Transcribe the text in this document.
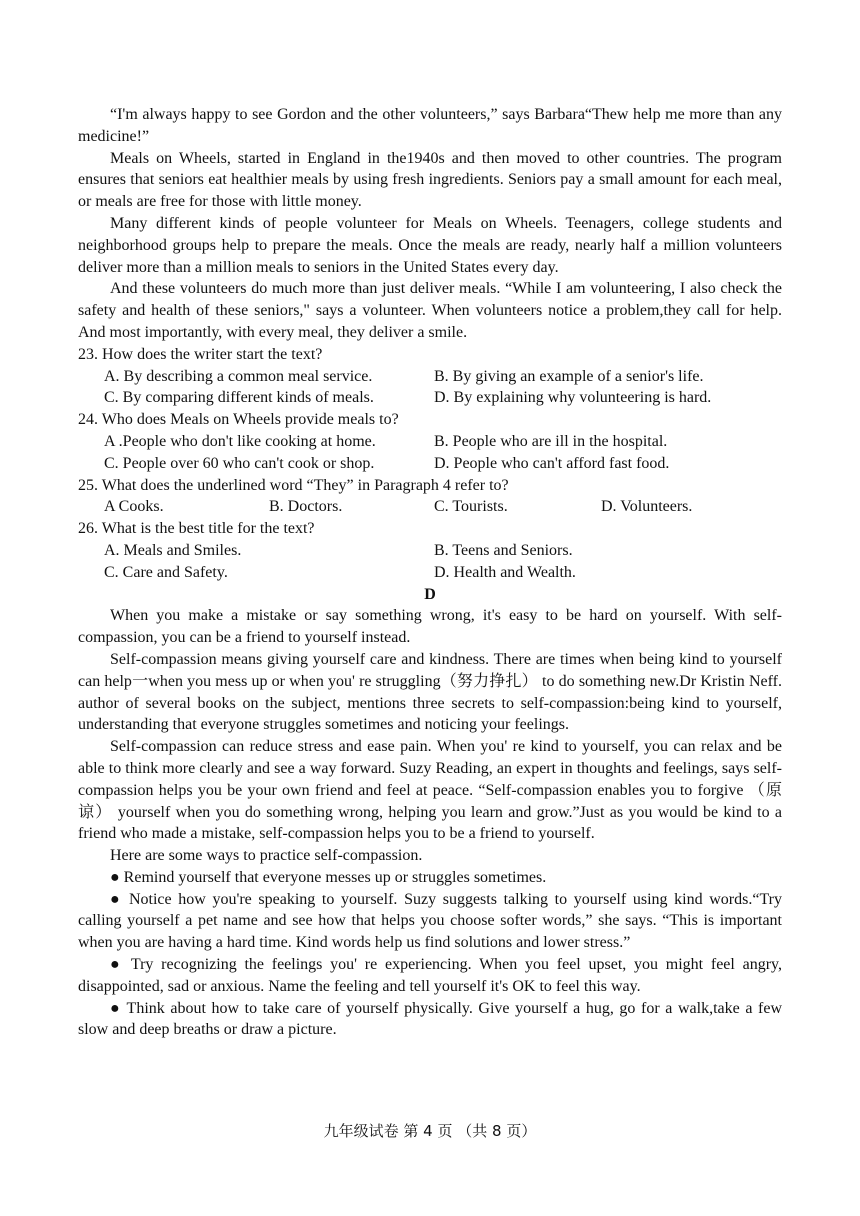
“I'm always happy to see Gordon and the other volunteers,” says Barbara“Thew help me more than any medicine!”

Meals on Wheels, started in England in the1940s and then moved to other countries. The program ensures that seniors eat healthier meals by using fresh ingredients. Seniors pay a small amount for each meal, or meals are free for those with little money.

Many different kinds of people volunteer for Meals on Wheels. Teenagers, college students and neighborhood groups help to prepare the meals. Once the meals are ready, nearly half a million volunteers deliver more than a million meals to seniors in the United States every day.

And these volunteers do much more than just deliver meals. “While I am volunteering, I also check the safety and health of these seniors," says a volunteer. When volunteers notice a problem,they call for help. And most importantly, with every meal, they deliver a smile.

23. How does the writer start the text?

A. By describing a common meal service.	B. By giving an example of a senior's life.
C. By comparing different kinds of meals.	D. By explaining why volunteering is hard.

24. Who does Meals on Wheels provide meals to?

A .People who don't like cooking at home.	B. People who are ill in the hospital.
C. People over 60 who can't cook or shop.	D. People who can't afford fast food.

25. What does the underlined word “They” in Paragraph 4 refer to?

A Cooks.	B. Doctors.	C. Tourists.	D. Volunteers.

26. What is the best title for the text?

A. Meals and Smiles.	B. Teens and Seniors.
C. Care and Safety.	D. Health and Wealth.

D

When you make a mistake or say something wrong, it's easy to be hard on yourself. With self-compassion, you can be a friend to yourself instead.

Self-compassion means giving yourself care and kindness. There are times when being kind to yourself can help一when you mess up or when you' re struggling（努力挣扎） to do something new.Dr Kristin Neff. author of several books on the subject, mentions three secrets to self-compassion:being kind to yourself, understanding that everyone struggles sometimes and noticing your feelings.

Self-compassion can reduce stress and ease pain. When you' re kind to yourself, you can relax and be able to think more clearly and see a way forward. Suzy Reading, an expert in thoughts and feelings, says self-compassion helps you be your own friend and feel at peace. “Self-compassion enables you to forgive （原谅） yourself when you do something wrong, helping you learn and grow.”Just as you would be kind to a friend who made a mistake, self-compassion helps you to be a friend to yourself.

Here are some ways to practice self-compassion.

● Remind yourself that everyone messes up or struggles sometimes.

● Notice how you're speaking to yourself. Suzy suggests talking to yourself using kind words.“Try calling yourself a pet name and see how that helps you choose softer words,” she says. “This is important when you are having a hard time. Kind words help us find solutions and lower stress.”

● Try recognizing the feelings you' re experiencing. When you feel upset, you might feel angry, disappointed, sad or anxious. Name the feeling and tell yourself it's OK to feel this way.

● Think about how to take care of yourself physically. Give yourself a hug, go for a walk,take a few slow and deep breaths or draw a picture.

九年级试卷 第 4 页 （共 8 页）
